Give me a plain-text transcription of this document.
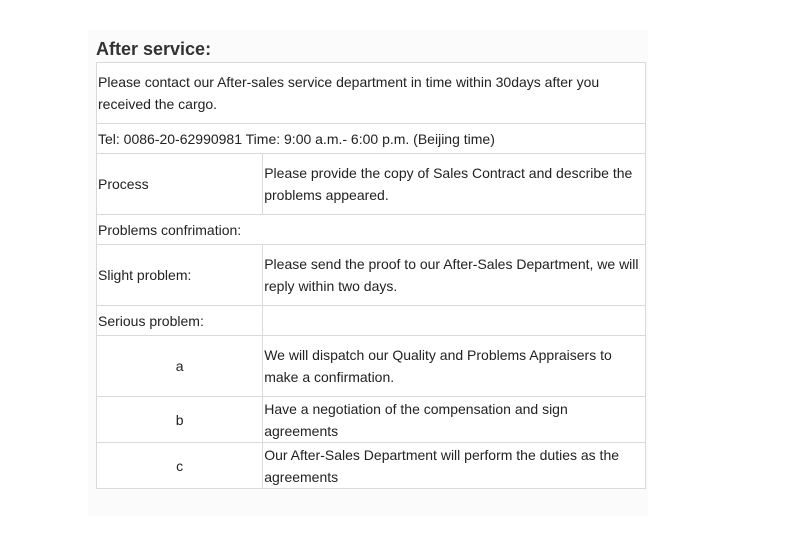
After service:
Please contact our After-sales service department in time within 30days after you received the cargo.	
Tel: 0086-20-62990981 Time: 9:00 a.m.- 6:00 p.m. (Beijing time)	
Process	Please provide the copy of Sales Contract and describe the problems appeared.
Problems confrimation:	
Slight problem:	Please send the proof to our After-Sales Department, we will reply within two days.
Serious problem:	
a	We will dispatch our Quality and Problems Appraisers to make a confirmation.
b	Have a negotiation of the compensation and sign agreements
c	Our After-Sales Department will perform the duties as the agreements
